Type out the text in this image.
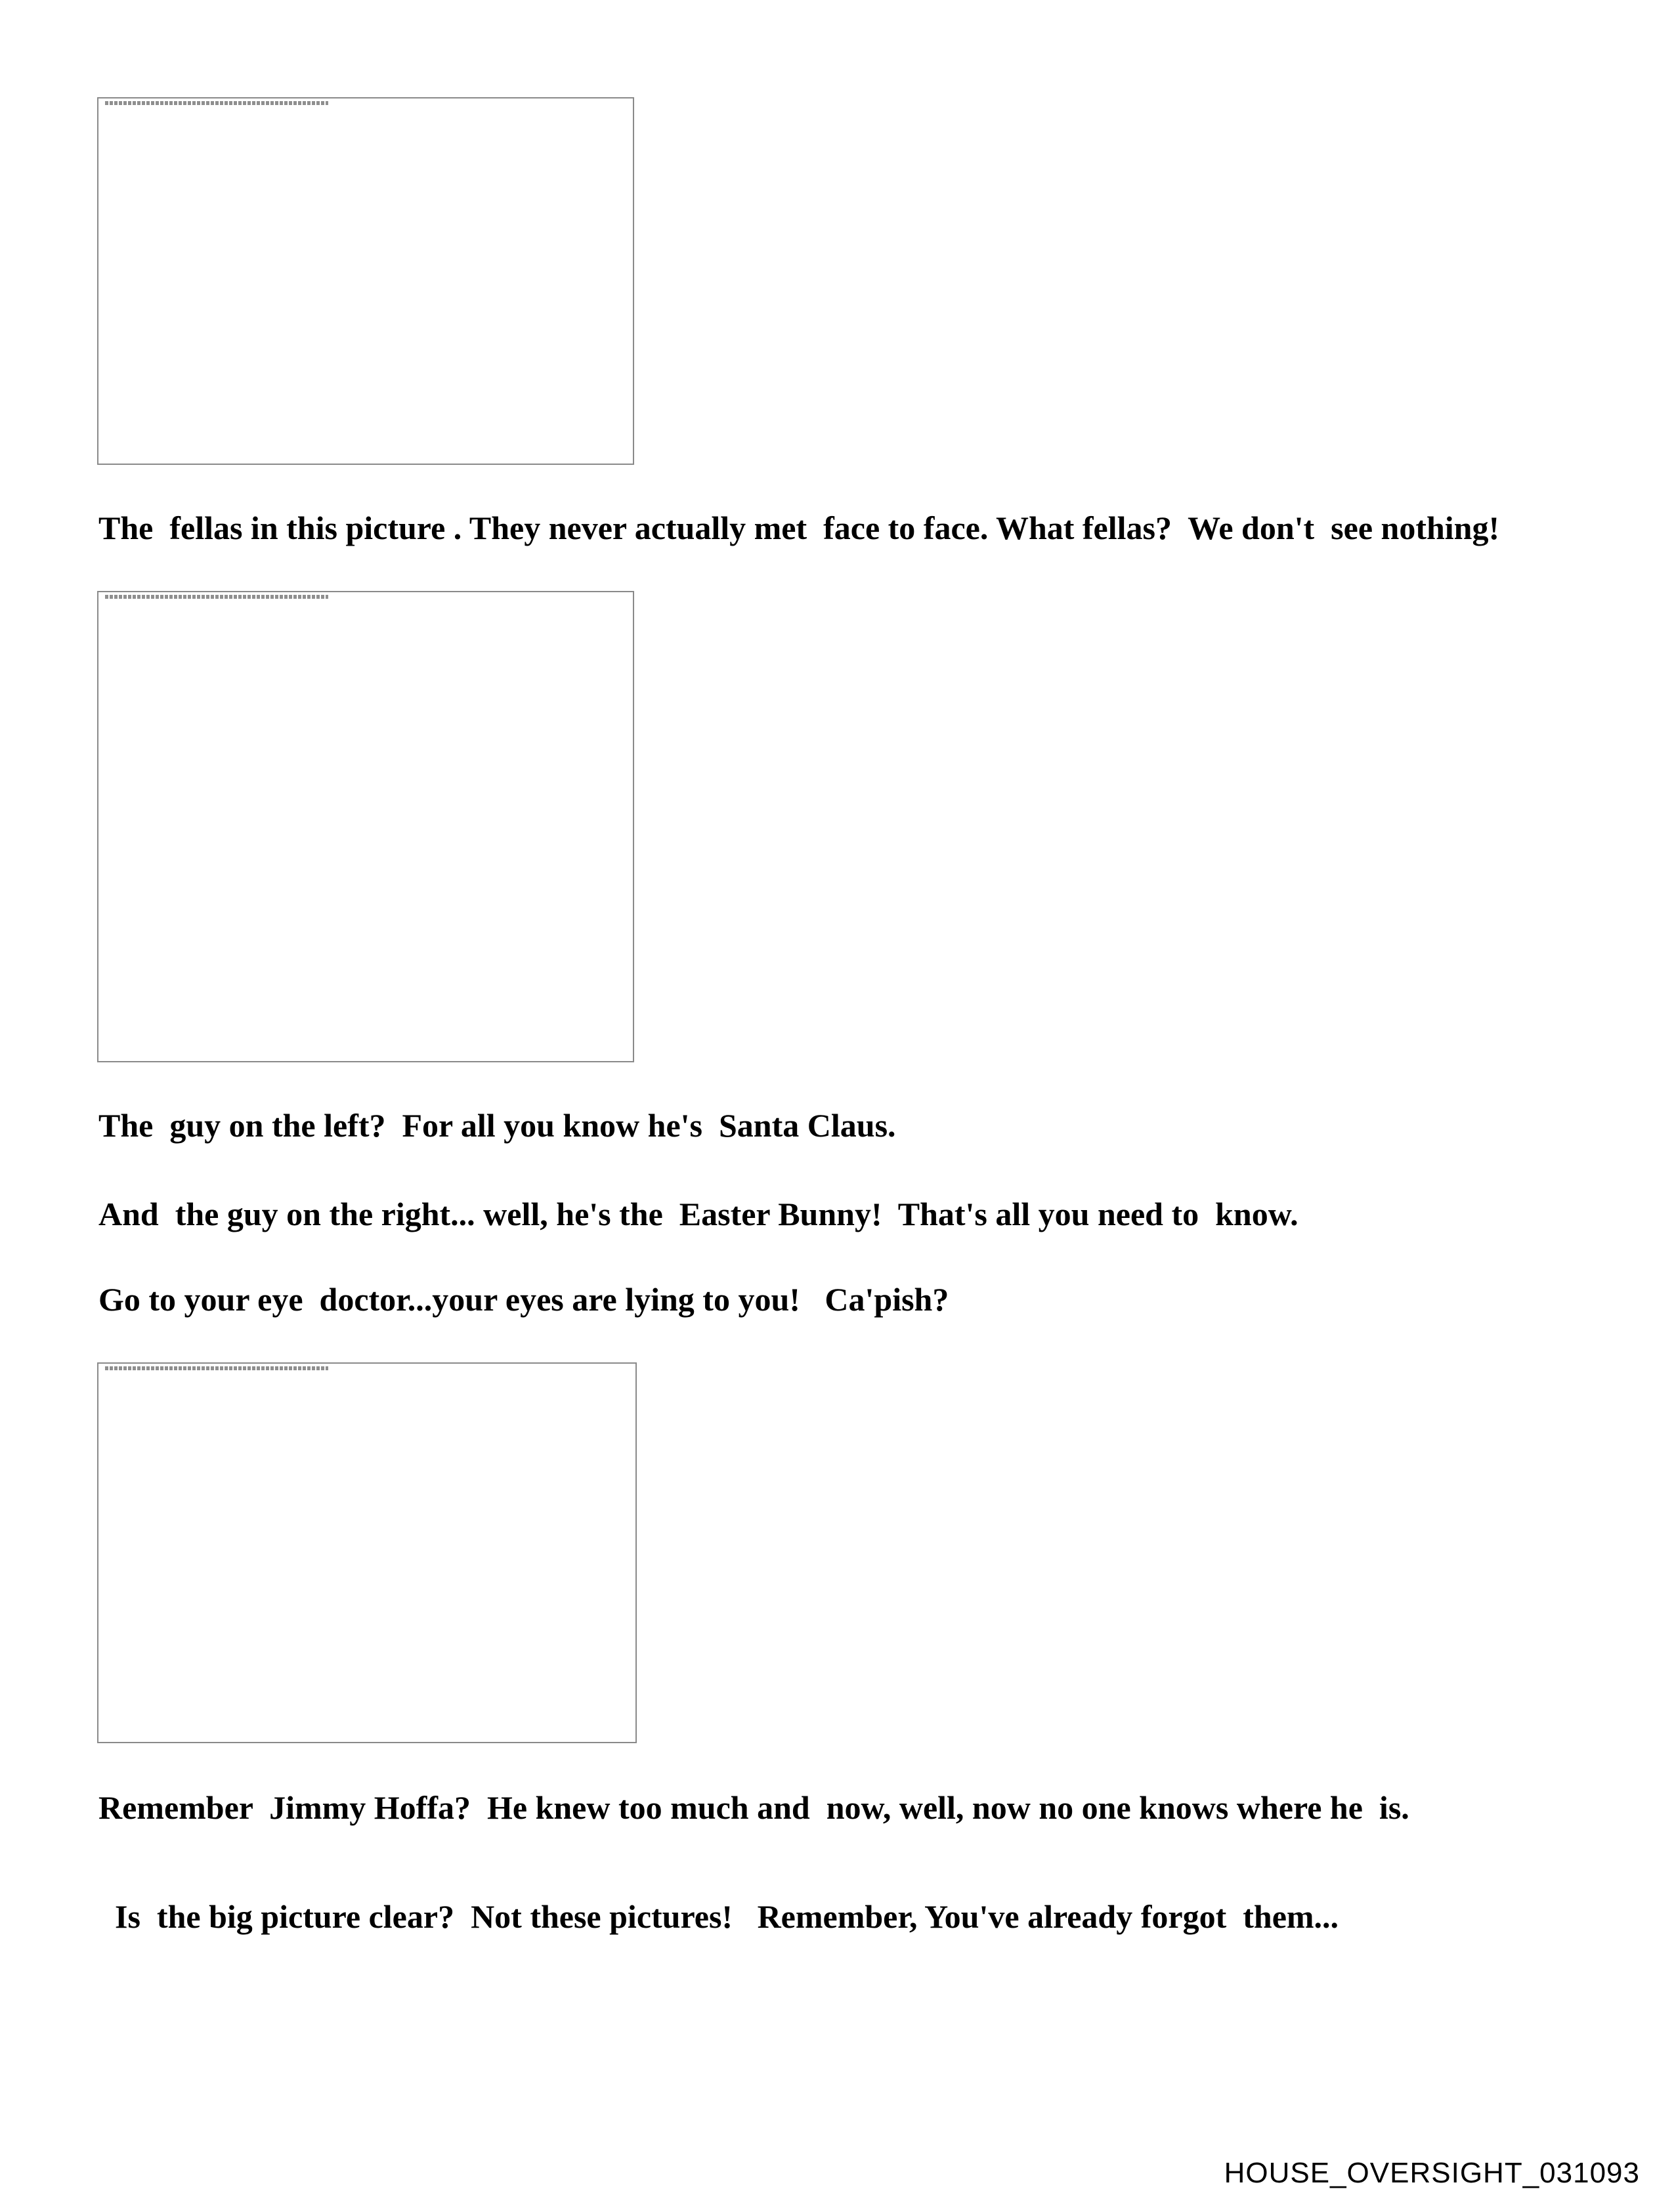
The  fellas in this picture . They never actually met  face to face. What fellas?  We don't  see nothing!

The  guy on the left?  For all you know he's  Santa Claus.

And  the guy on the right... well, he's the  Easter Bunny!  That's all you need to  know.

Go to your eye  doctor...your eyes are lying to you!   Ca'pish?

Remember  Jimmy Hoffa?  He knew too much and  now, well, now no one knows where he  is.

Is  the big picture clear?  Not these pictures!   Remember, You've already forgot  them...

HOUSE_OVERSIGHT_031093
